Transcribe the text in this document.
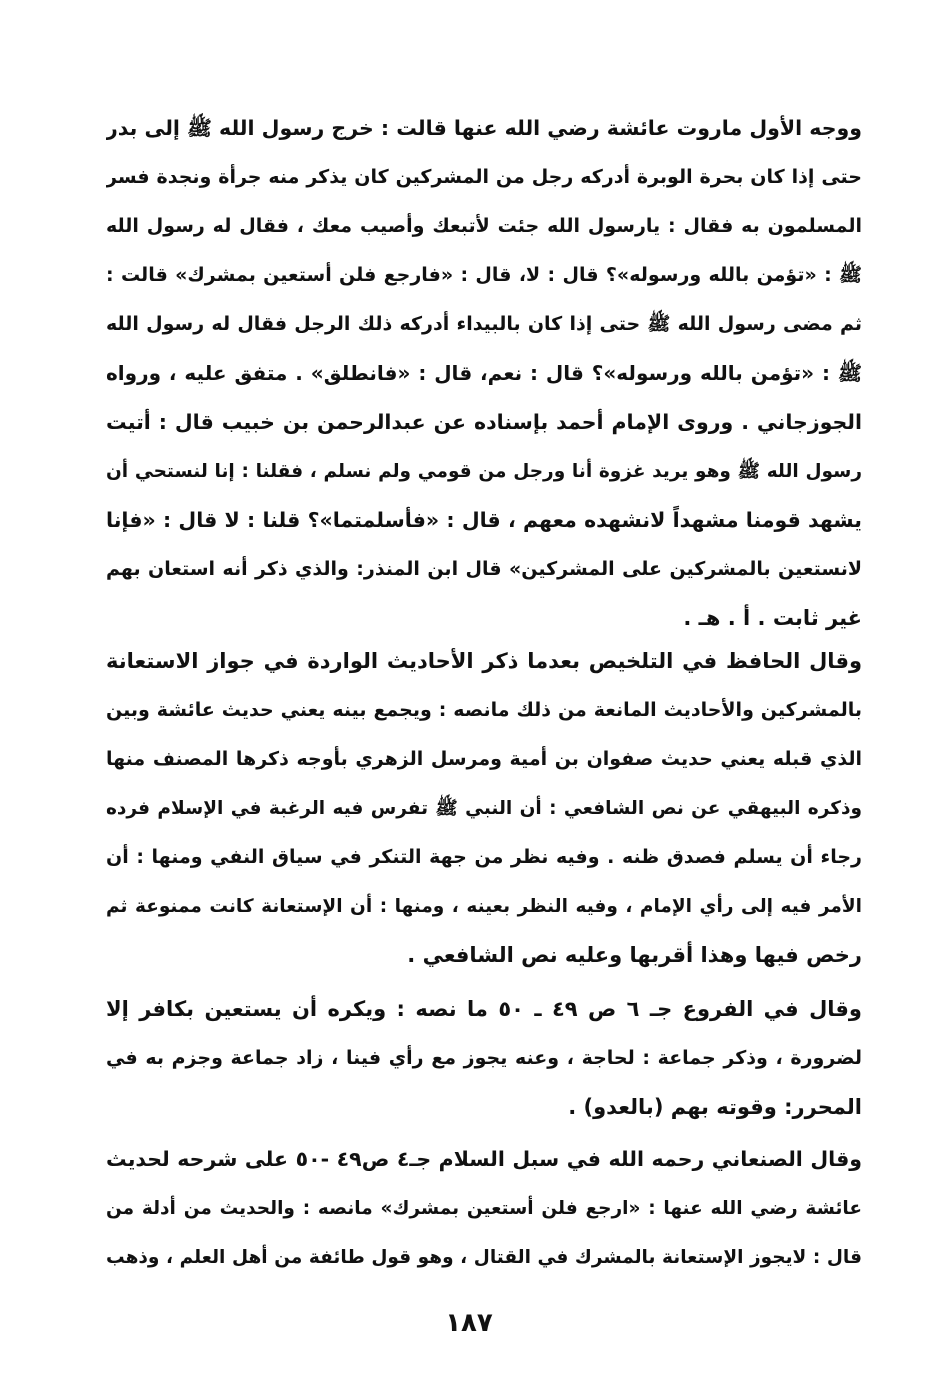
ووجه الأول ماروت عائشة رضي الله عنها قالت : خرج رسول الله ﷺ إلى بدر
حتى إذا كان بحرة الوبرة أدركه رجل من المشركين كان يذكر منه جرأة ونجدة فسر
المسلمون به فقال : يارسول الله جئت لأتبعك وأصيب معك ، فقال له رسول الله
ﷺ : «تؤمن بالله ورسوله»؟ قال : لا، قال : «فارجع فلن أستعين بمشرك» قالت :
ثم مضى رسول الله ﷺ حتى إذا كان بالبيداء أدركه ذلك الرجل فقال له رسول الله
ﷺ : «تؤمن بالله ورسوله»؟ قال : نعم، قال : «فانطلق» . متفق عليه ، ورواه
الجوزجاني . وروى الإمام أحمد بإسناده عن عبدالرحمن بن خبيب قال : أتيت
رسول الله ﷺ وهو يريد غزوة أنا ورجل من قومي ولم نسلم ، فقلنا : إنا لنستحي أن
يشهد قومنا مشهداً لانشهده معهم ، قال : «فأسلمتما»؟ قلنا : لا قال : «فإنا
لانستعين بالمشركين على المشركين» قال ابن المنذر: والذي ذكر أنه استعان بهم
غير ثابت . أ . هـ .
وقال الحافظ في التلخيص بعدما ذكر الأحاديث الواردة في جواز الاستعانة
بالمشركين والأحاديث المانعة من ذلك مانصه : ويجمع بينه يعني حديث عائشة وبين
الذي قبله يعني حديث صفوان بن أمية ومرسل الزهري بأوجه ذكرها المصنف منها
وذكره البيهقي عن نص الشافعي : أن النبي ﷺ تفرس فيه الرغبة في الإسلام فرده
رجاء أن يسلم فصدق ظنه . وفيه نظر من جهة التنكر في سياق النفي ومنها : أن
الأمر فيه إلى رأي الإمام ، وفيه النظر بعينه ، ومنها : أن الإستعانة كانت ممنوعة ثم
رخص فيها وهذا أقربها وعليه نص الشافعي .
وقال في الفروع جـ ٦ ص ٤٩ ـ ٥٠ ما نصه : ويكره أن يستعين بكافر إلا
لضرورة ، وذكر جماعة : لحاجة ، وعنه يجوز مع رأي فينا ، زاد جماعة وجزم به في
المحرر: وقوته بهم (بالعدو) .
وقال الصنعاني رحمه الله في سبل السلام جـ٤ ص٤٩ -٥٠ على شرحه لحديث
عائشة رضي الله عنها : «ارجع فلن أستعين بمشرك» مانصه : والحديث من أدلة من
قال : لايجوز الإستعانة بالمشرك في القتال ، وهو قول طائفة من أهل العلم ، وذهب
١٨٧
